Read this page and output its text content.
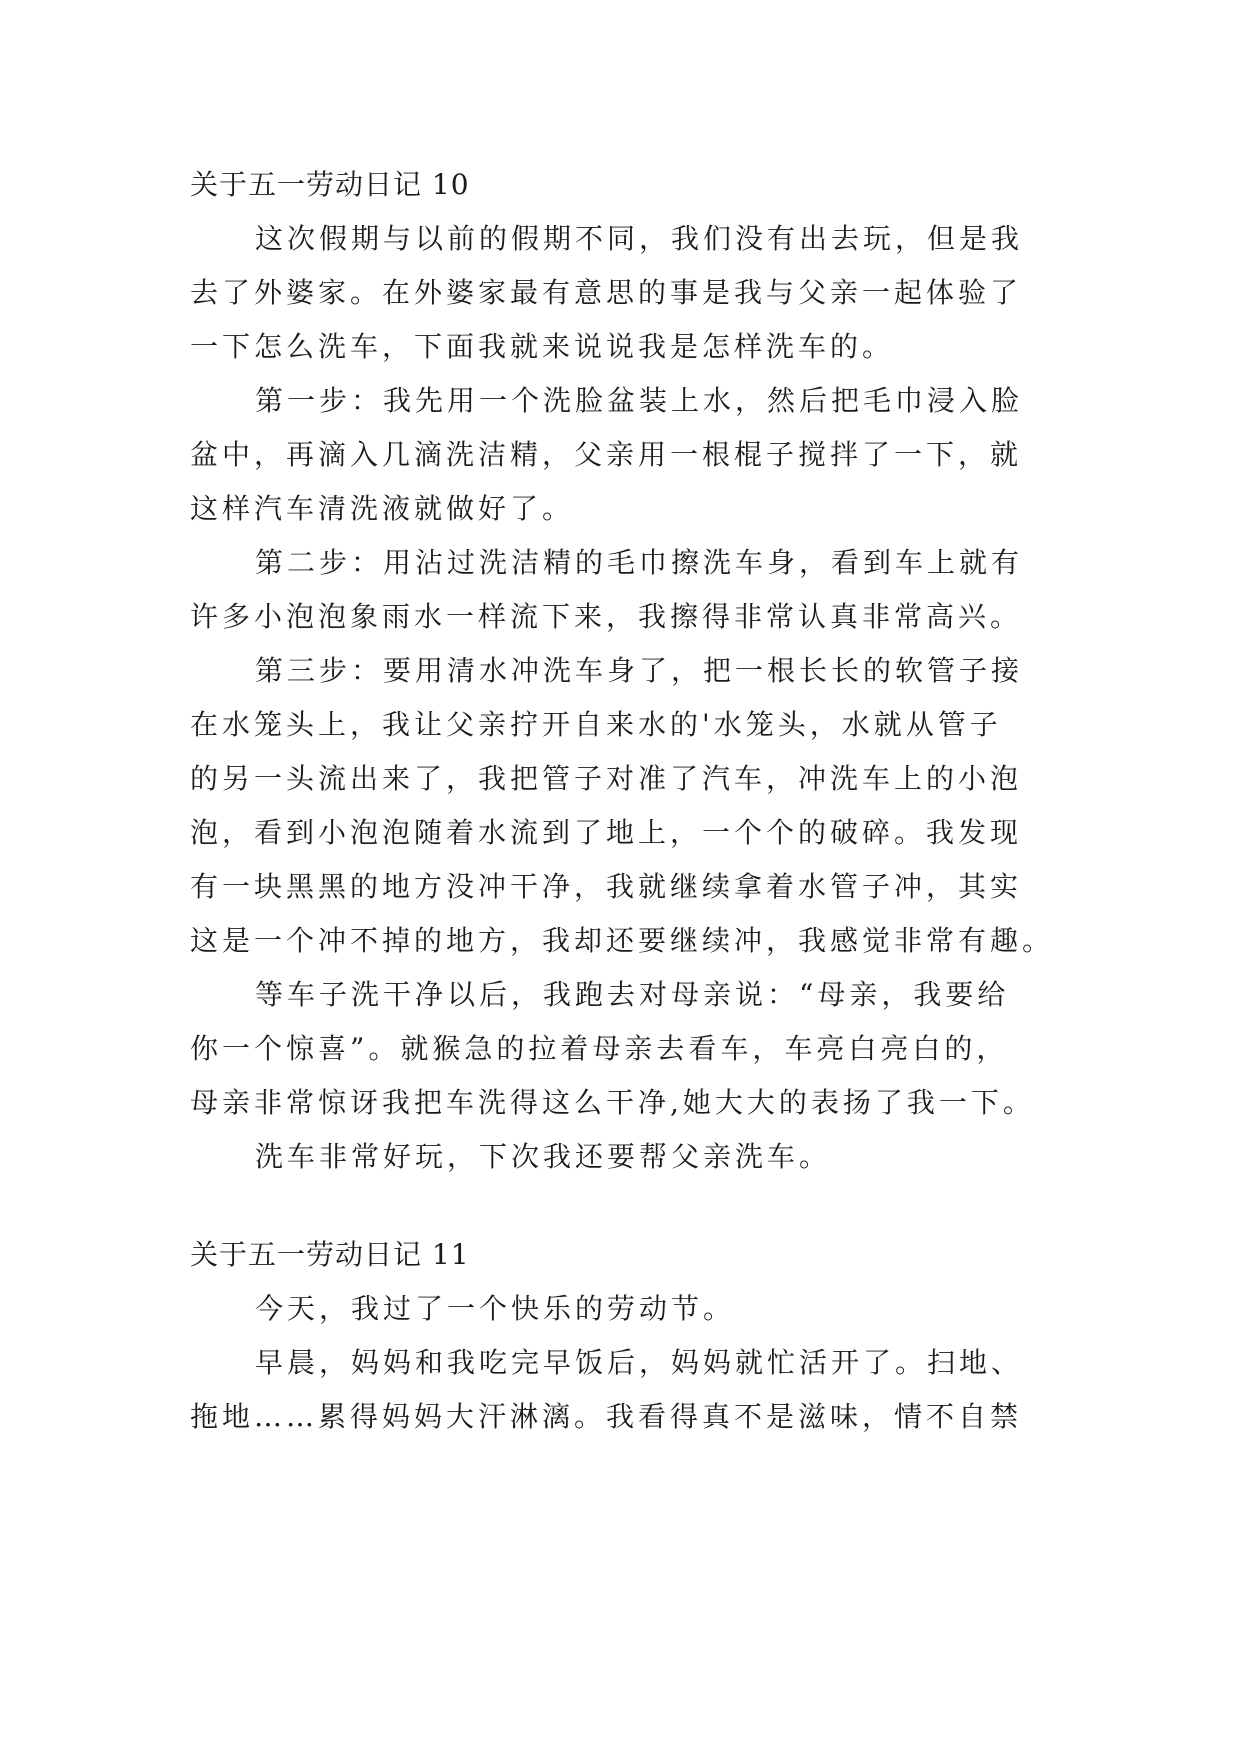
关于五一劳动日记 10
这次假期与以前的假期不同，我们没有出去玩，但是我
去了外婆家。在外婆家最有意思的事是我与父亲一起体验了
一下怎么洗车，下面我就来说说我是怎样洗车的。
第一步：我先用一个洗脸盆装上水，然后把毛巾浸入脸
盆中，再滴入几滴洗洁精，父亲用一根棍子搅拌了一下，就
这样汽车清洗液就做好了。
第二步：用沾过洗洁精的毛巾擦洗车身，看到车上就有
许多小泡泡象雨水一样流下来，我擦得非常认真非常高兴。
第三步：要用清水冲洗车身了，把一根长长的软管子接
在水笼头上，我让父亲拧开自来水的'水笼头，水就从管子
的另一头流出来了，我把管子对准了汽车，冲洗车上的小泡
泡，看到小泡泡随着水流到了地上，一个个的破碎。我发现
有一块黑黑的地方没冲干净，我就继续拿着水管子冲，其实
这是一个冲不掉的地方，我却还要继续冲，我感觉非常有趣。
等车子洗干净以后，我跑去对母亲说：“母亲，我要给
你一个惊喜”。就猴急的拉着母亲去看车，车亮白亮白的，
母亲非常惊讶我把车洗得这么干净,她大大的表扬了我一下。
洗车非常好玩，下次我还要帮父亲洗车。
关于五一劳动日记 11
今天，我过了一个快乐的劳动节。
早晨，妈妈和我吃完早饭后，妈妈就忙活开了。扫地、
拖地……累得妈妈大汗淋漓。我看得真不是滋味，情不自禁
